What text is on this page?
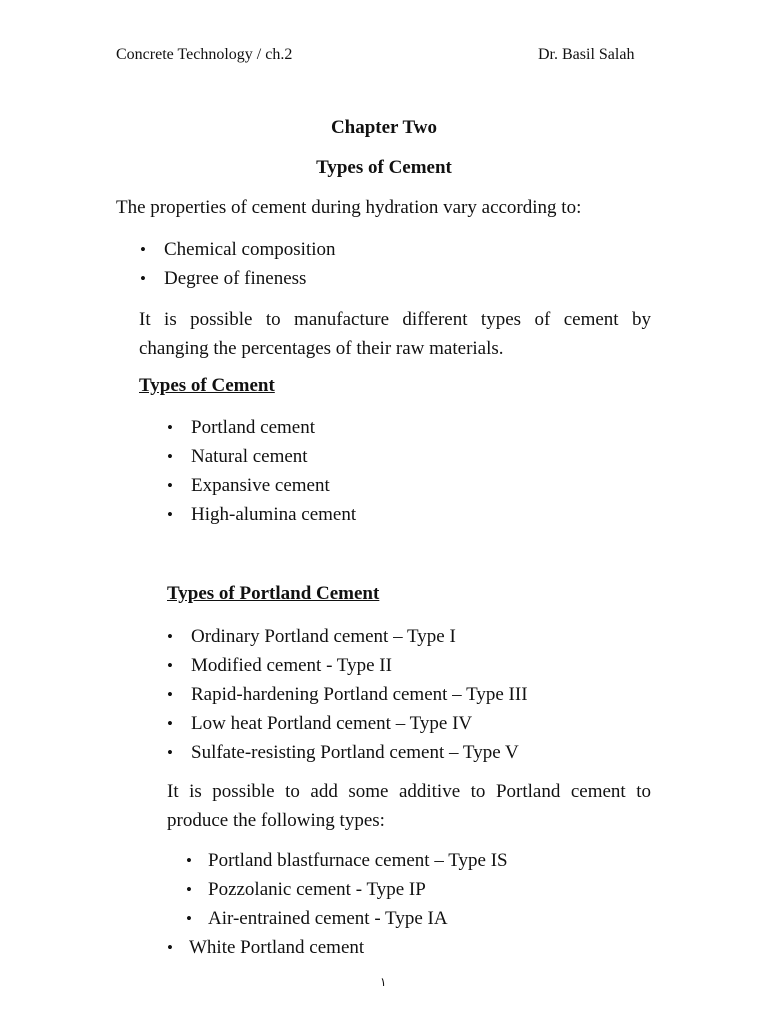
Concrete Technology / ch.2	Dr. Basil Salah
Chapter Two
Types of Cement
The properties of cement during hydration vary according to:
• Chemical composition
• Degree of fineness
It is possible to manufacture different types of cement by
changing the percentages of their raw materials.
Types of Cement
• Portland cement
• Natural cement
• Expansive cement
• High-alumina cement
Types of Portland Cement
• Ordinary Portland cement – Type I
• Modified cement - Type II
• Rapid-hardening Portland cement – Type III
• Low heat Portland cement – Type IV
• Sulfate-resisting Portland cement – Type V
It is possible to add some additive to Portland cement to
produce the following types:
• Portland blastfurnace cement – Type IS
• Pozzolanic cement - Type IP
• Air-entrained cement - Type IA
• White Portland cement
١
